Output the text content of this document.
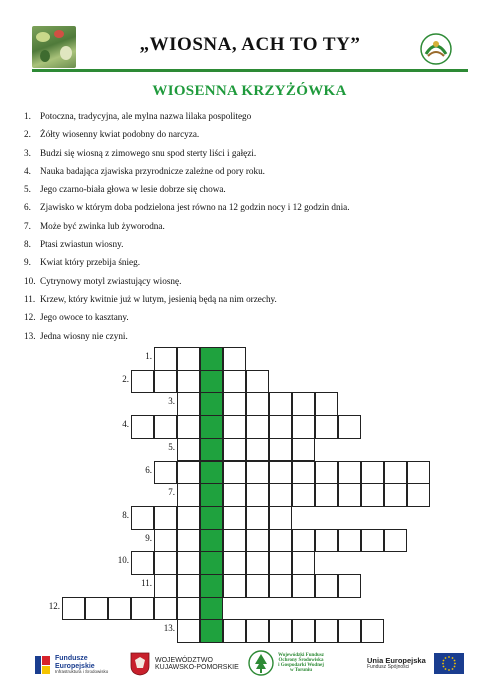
„WIOSNA, ACH TO TY”
WIOSENNA KRZYŻÓWKA
1. Potoczna, tradycyjna, ale mylna nazwa lilaka pospolitego
2. Żółty wiosenny kwiat podobny do narcyza.
3. Budzi się wiosną z zimowego snu spod sterty liści i gałęzi.
4. Nauka badająca zjawiska przyrodnicze zależne od pory roku.
5. Jego czarno-biała głowa w lesie dobrze się chowa.
6. Zjawisko w którym doba podzielona jest równo na 12 godzin nocy i 12 godzin dnia.
7. Może być zwinka lub żyworodna.
8. Ptasi zwiastun wiosny.
9. Kwiat który przebija śnieg.
10. Cytrynowy motyl zwiastujący wiosnę.
11. Krzew, który kwitnie już w lutym, jesienią będą na nim orzechy.
12. Jego owoce to kasztany.
13. Jedna wiosny nie czyni.
1.
2.
3.
4.
5.
6.
7.
8.
9.
10.
11.
12.
13.
Fundusze
Europejskie
Infrastruktura i Środowisko
WOJEWÓDZTWO
KUJAWSKO-POMORSKIE
Wojewódzki Fundusz
Ochrony Środowiska
i Gospodarki Wodnej
w Toruniu
Unia Europejska
Fundusz Spójności
